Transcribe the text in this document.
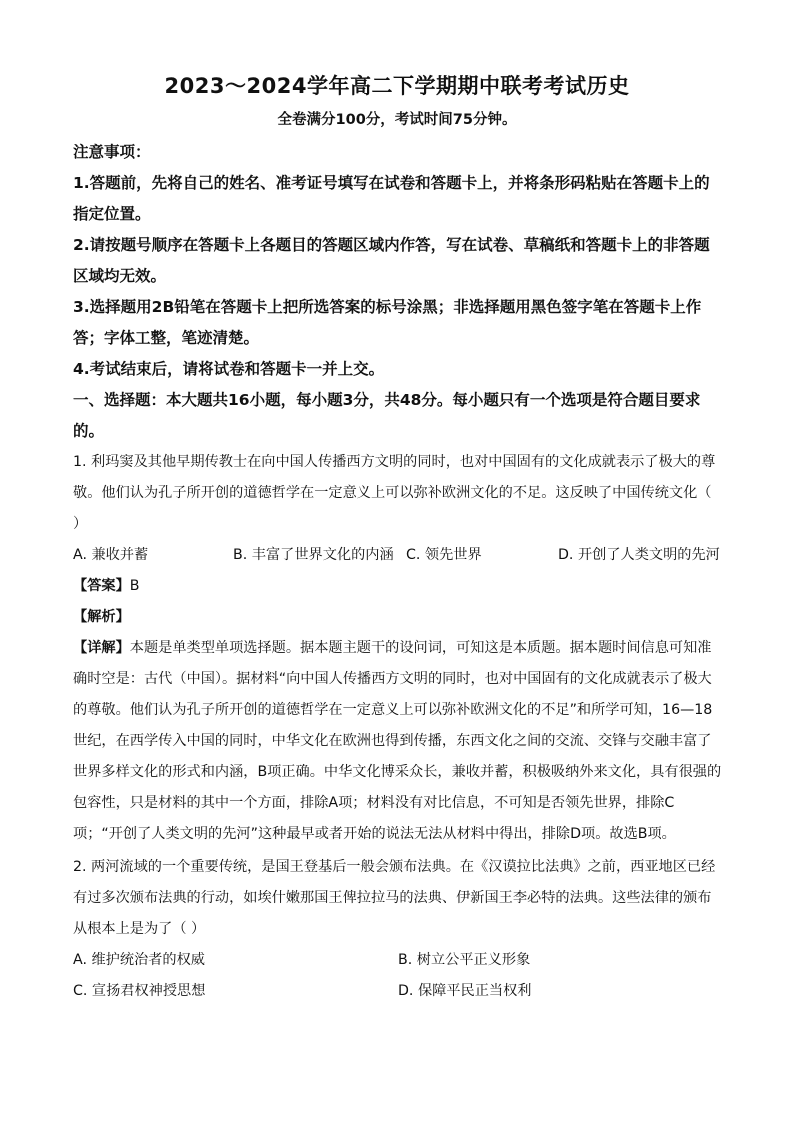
2023～2024学年高二下学期期中联考考试历史
全卷满分100分，考试时间75分钟。

注意事项：

1.答题前，先将自己的姓名、准考证号填写在试卷和答题卡上，并将条形码粘贴在答题卡上的指定位置。

2.请按题号顺序在答题卡上各题目的答题区域内作答，写在试卷、草稿纸和答题卡上的非答题区域均无效。

3.选择题用2B铅笔在答题卡上把所选答案的标号涂黑；非选择题用黑色签字笔在答题卡上作答；字体工整，笔迹清楚。

4.考试结束后，请将试卷和答题卡一并上交。

一、选择题：本大题共16小题，每小题3分，共48分。每小题只有一个选项是符合题目要求的。

1. 利玛窦及其他早期传教士在向中国人传播西方文明的同时，也对中国固有的文化成就表示了极大的尊敬。他们认为孔子所开创的道德哲学在一定意义上可以弥补欧洲文化的不足。这反映了中国传统文化（ ）

A. 兼收并蓄	B. 丰富了世界文化的内涵 C. 领先世界	D. 开创了人类文明的先河
【答案】B
【解析】
【详解】本题是单类型单项选择题。据本题主题干的设问词，可知这是本质题。据本题时间信息可知准确时空是：古代（中国）。据材料“向中国人传播西方文明的同时，也对中国固有的文化成就表示了极大的尊敬。他们认为孔子所开创的道德哲学在一定意义上可以弥补欧洲文化的不足”和所学可知，16—18世纪，在西学传入中国的同时，中华文化在欧洲也得到传播，东西文化之间的交流、交锋与交融丰富了世界多样文化的形式和内涵，B项正确。中华文化博采众长，兼收并蓄，积极吸纳外来文化，具有很强的包容性，只是材料的其中一个方面，排除A项；材料没有对比信息，不可知是否领先世界，排除C项；“开创了人类文明的先河”这种最早或者开始的说法无法从材料中得出，排除D项。故选B项。

2. 两河流域的一个重要传统，是国王登基后一般会颁布法典。在《汉谟拉比法典》之前，西亚地区已经有过多次颁布法典的行动，如埃什嫩那国王俾拉拉马的法典、伊新国王李必特的法典。这些法律的颁布从根本上是为了（ ）

A. 维护统治者的权威	B. 树立公平正义形象
C. 宣扬君权神授思想	D. 保障平民正当权利
